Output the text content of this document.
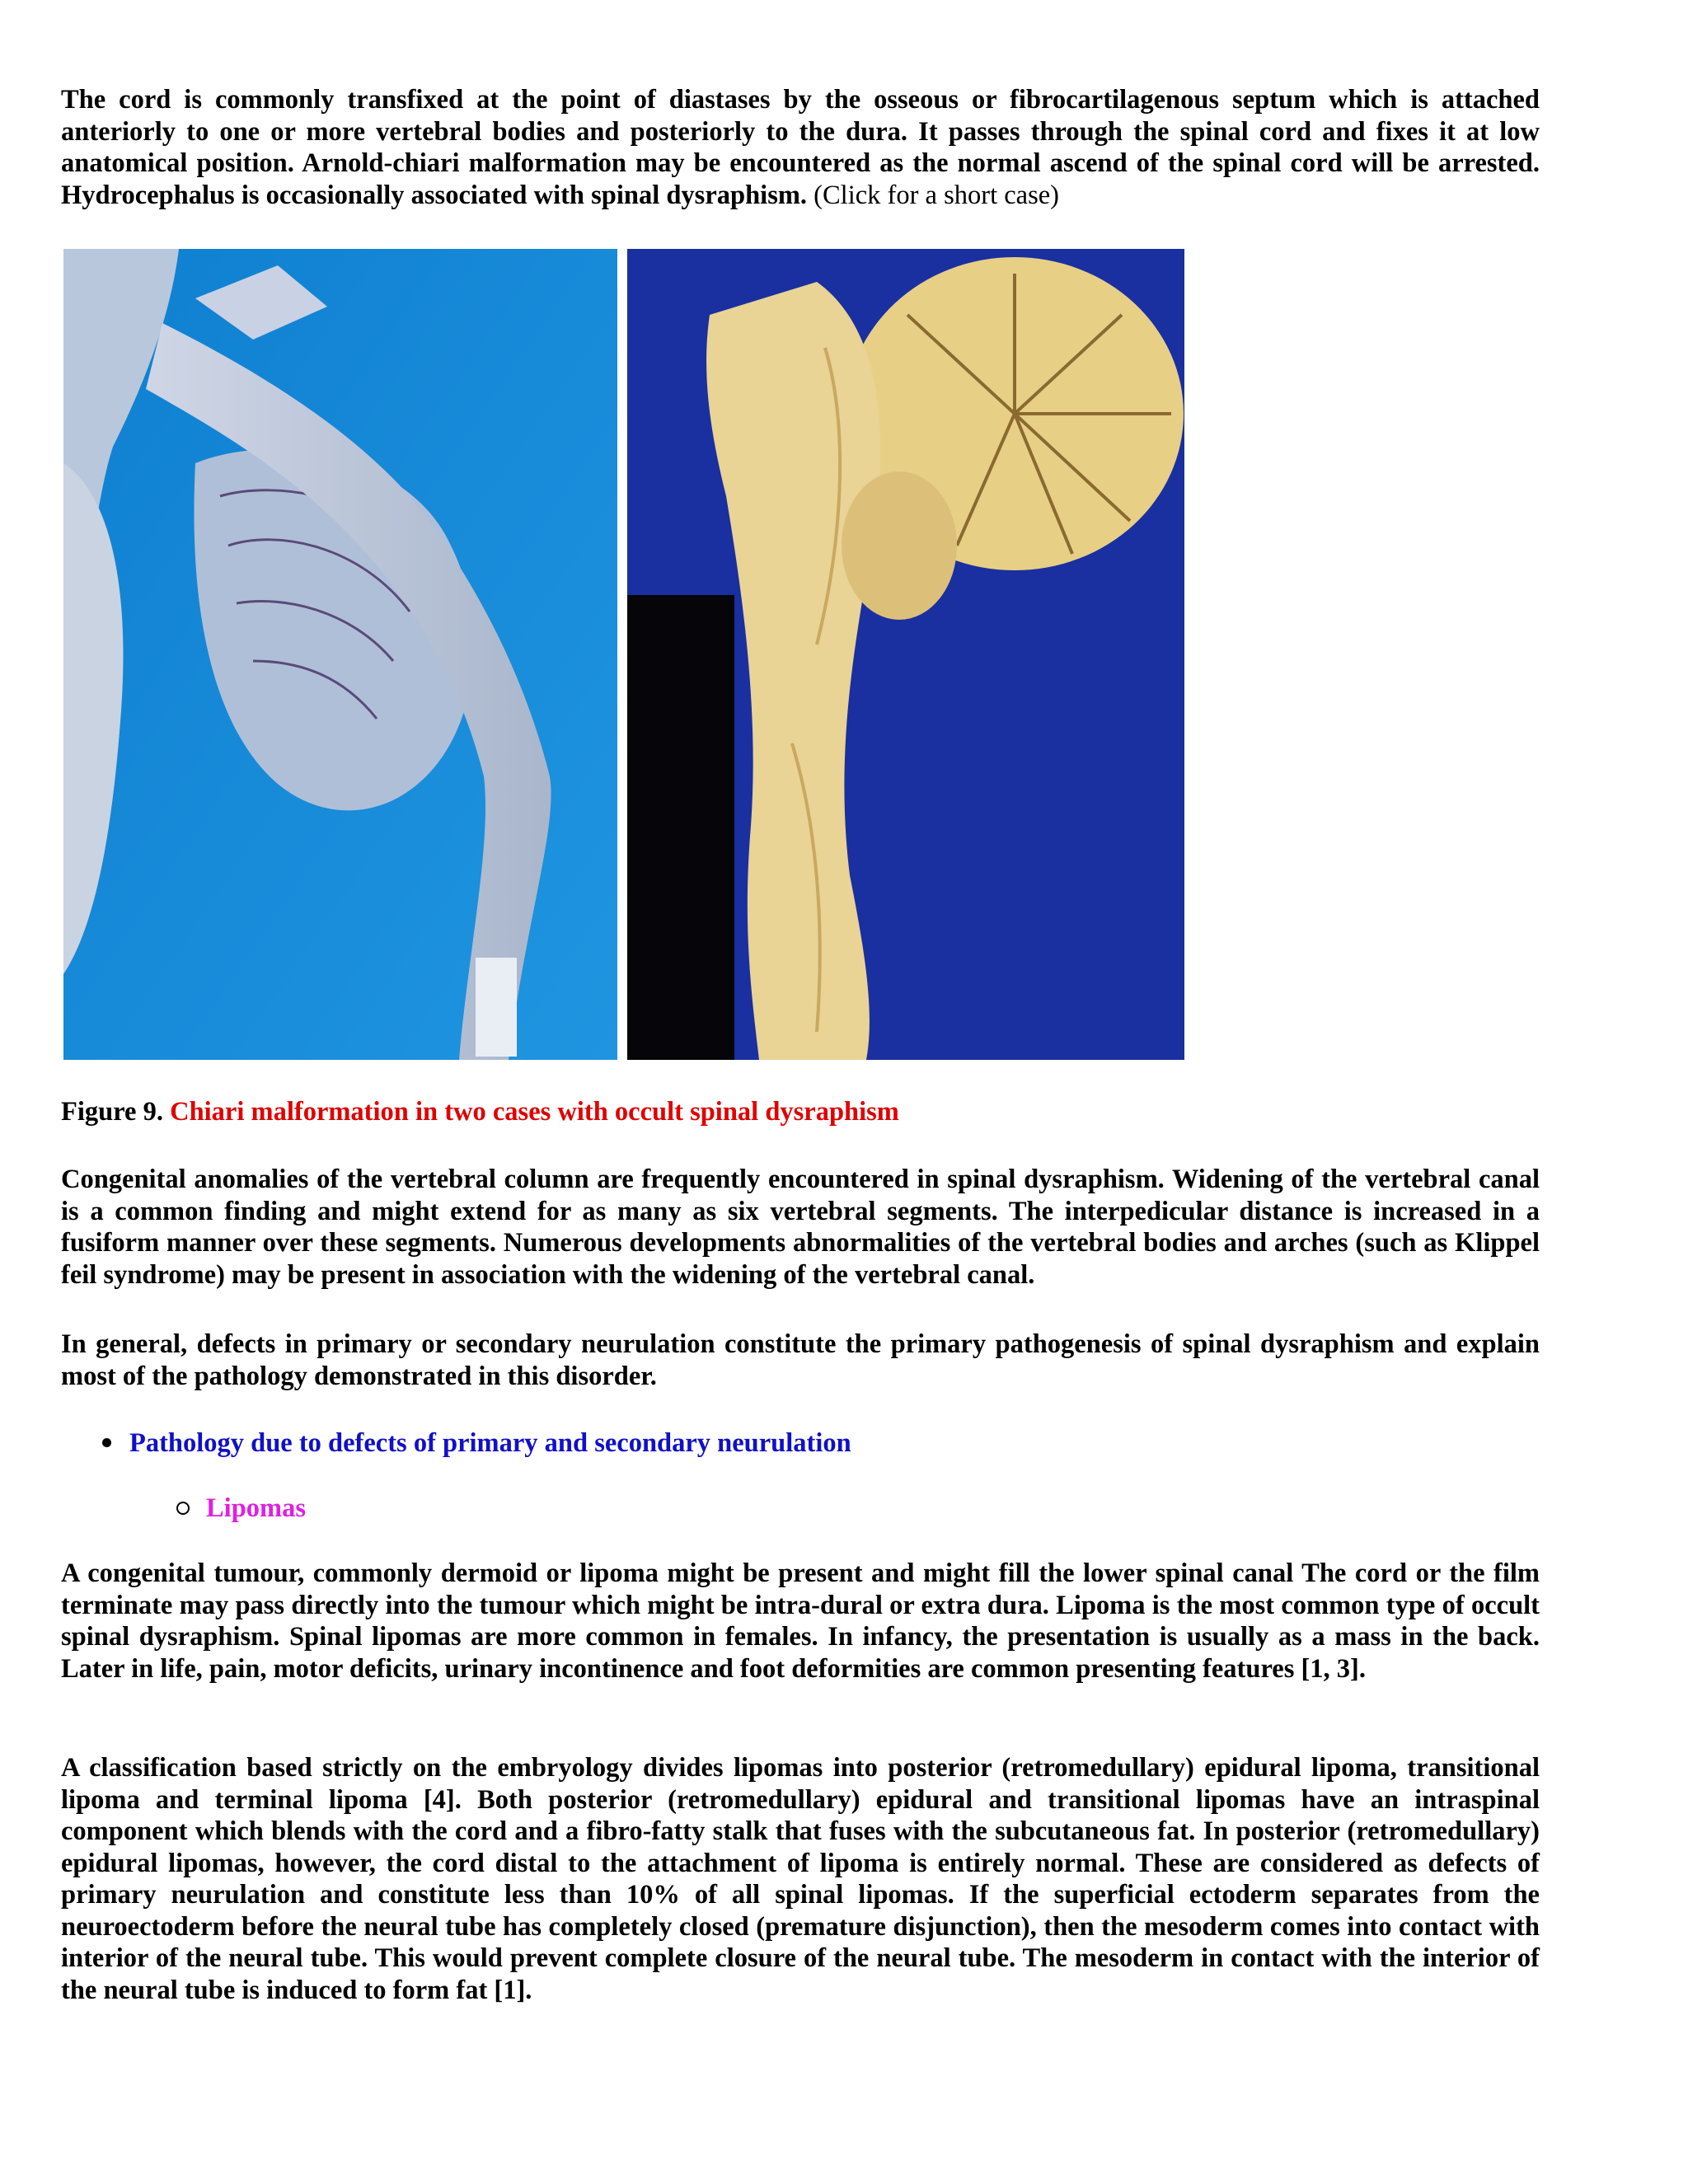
The cord is commonly transfixed at the point of diastases by the osseous or fibrocartilagenous septum which is attached anteriorly to one or more vertebral bodies and posteriorly to the dura. It passes through the spinal cord and fixes it at low anatomical position. Arnold-chiari malformation may be encountered as the normal ascend of the spinal cord will be arrested. Hydrocephalus is occasionally associated with spinal dysraphism. (Click for a short case)

Figure 9. Chiari malformation in two cases with occult spinal dysraphism

Congenital anomalies of the vertebral column are frequently encountered in spinal dysraphism. Widening of the vertebral canal is a common finding and might extend for as many as six vertebral segments. The interpedicular distance is increased in a fusiform manner over these segments. Numerous developments abnormalities of the vertebral bodies and arches (such as Klippel feil syndrome) may be present in association with the widening of the vertebral canal.

In general, defects in primary or secondary neurulation constitute the primary pathogenesis of spinal dysraphism and explain most of the pathology demonstrated in this disorder.

Pathology due to defects of primary and secondary neurulation
Lipomas

A congenital tumour, commonly dermoid or lipoma might be present and might fill the lower spinal canal The cord or the film terminate may pass directly into the tumour which might be intra-dural or extra dura. Lipoma is the most common type of occult spinal dysraphism. Spinal lipomas are more common in females. In infancy, the presentation is usually as a mass in the back. Later in life, pain, motor deficits, urinary incontinence and foot deformities are common presenting features [1, 3].

A classification based strictly on the embryology divides lipomas into posterior (retromedullary) epidural lipoma, transitional lipoma and terminal lipoma [4]. Both posterior (retromedullary) epidural and transitional lipomas have an intraspinal component which blends with the cord and a fibro-fatty stalk that fuses with the subcutaneous fat. In posterior (retromedullary) epidural lipomas, however, the cord distal to the attachment of lipoma is entirely normal. These are considered as defects of primary neurulation and constitute less than 10% of all spinal lipomas. If the superficial ectoderm separates from the neuroectoderm before the neural tube has completely closed (premature disjunction), then the mesoderm comes into contact with interior of the neural tube. This would prevent complete closure of the neural tube. The mesoderm in contact with the interior of the neural tube is induced to form fat [1].
